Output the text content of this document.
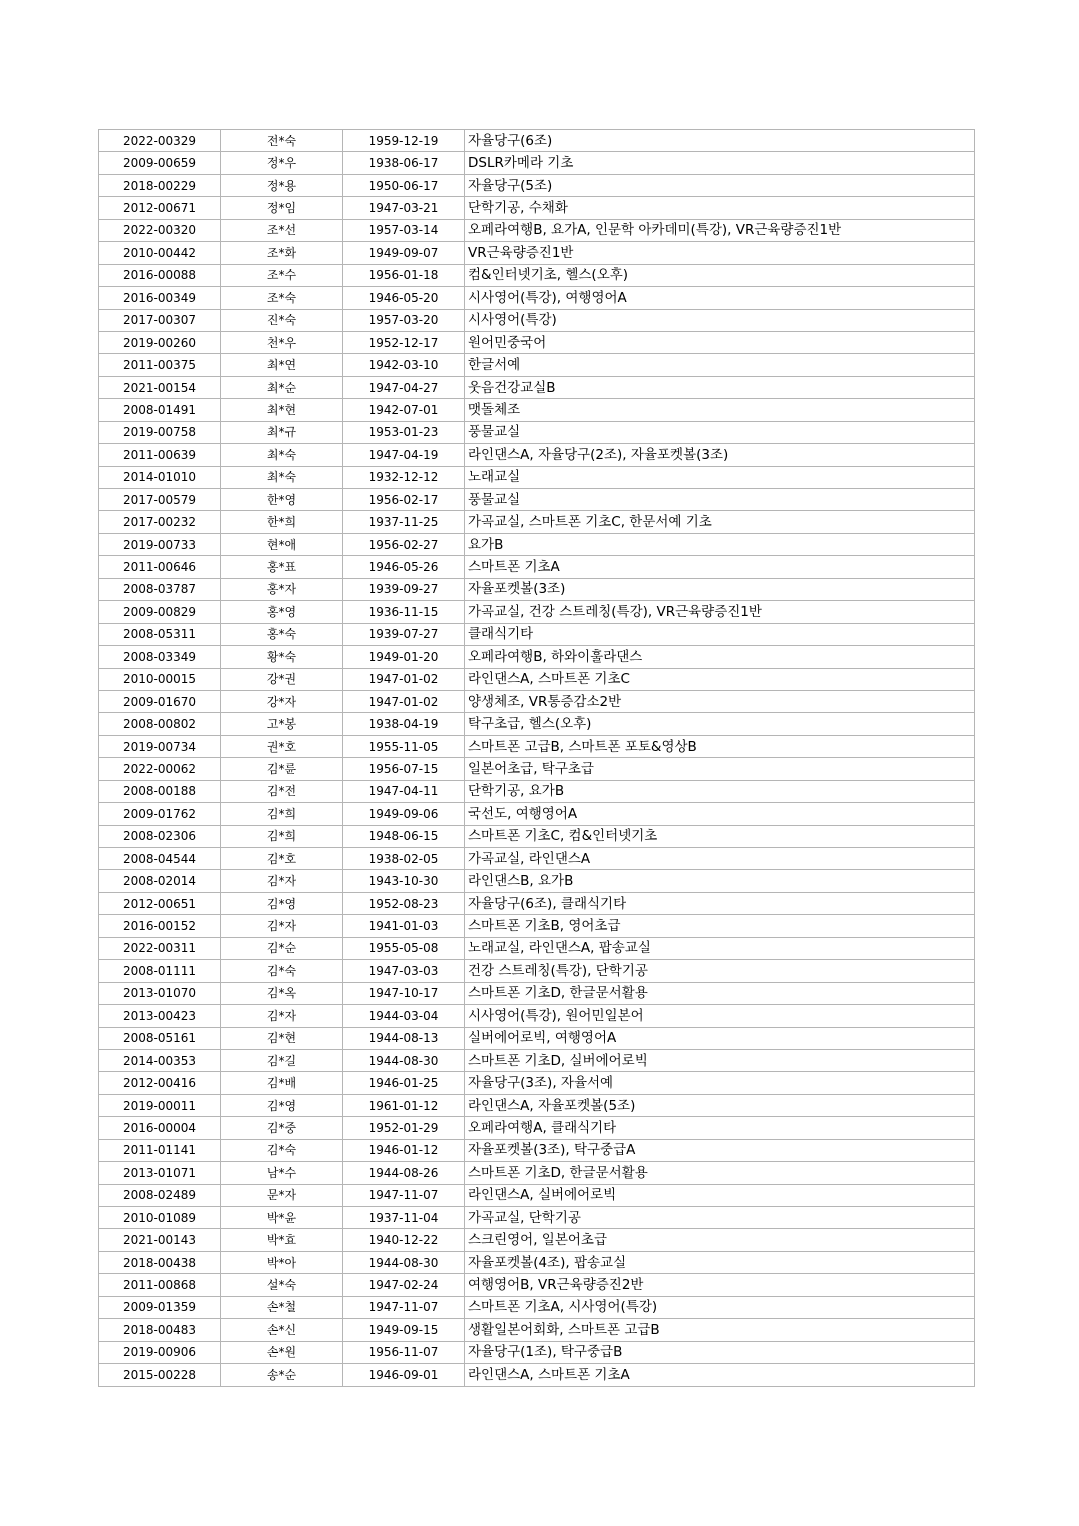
2022-00329	전*숙	1959-12-19	자율당구(6조)
2009-00659	정*우	1938-06-17	DSLR카메라 기초
2018-00229	정*용	1950-06-17	자율당구(5조)
2012-00671	정*임	1947-03-21	단학기공, 수채화
2022-00320	조*선	1957-03-14	오페라여행B, 요가A, 인문학 아카데미(특강), VR근육량증진1반
2010-00442	조*화	1949-09-07	VR근육량증진1반
2016-00088	조*수	1956-01-18	컴&인터넷기초, 헬스(오후)
2016-00349	조*숙	1946-05-20	시사영어(특강), 여행영어A
2017-00307	진*숙	1957-03-20	시사영어(특강)
2019-00260	천*우	1952-12-17	원어민중국어
2011-00375	최*연	1942-03-10	한글서예
2021-00154	최*순	1947-04-27	웃음건강교실B
2008-01491	최*현	1942-07-01	맷돌체조
2019-00758	최*규	1953-01-23	풍물교실
2011-00639	최*숙	1947-04-19	라인댄스A, 자율당구(2조), 자율포켓볼(3조)
2014-01010	최*숙	1932-12-12	노래교실
2017-00579	한*영	1956-02-17	풍물교실
2017-00232	한*희	1937-11-25	가곡교실, 스마트폰 기초C, 한문서예 기초
2019-00733	현*애	1956-02-27	요가B
2011-00646	홍*표	1946-05-26	스마트폰 기초A
2008-03787	홍*자	1939-09-27	자율포켓볼(3조)
2009-00829	홍*영	1936-11-15	가곡교실, 건강 스트레칭(특강), VR근육량증진1반
2008-05311	홍*숙	1939-07-27	클래식기타
2008-03349	황*숙	1949-01-20	오페라여행B, 하와이훌라댄스
2010-00015	강*권	1947-01-02	라인댄스A, 스마트폰 기초C
2009-01670	강*자	1947-01-02	양생체조, VR통증감소2반
2008-00802	고*봉	1938-04-19	탁구초급, 헬스(오후)
2019-00734	권*호	1955-11-05	스마트폰 고급B, 스마트폰 포토&영상B
2022-00062	김*륜	1956-07-15	일본어초급, 탁구초급
2008-00188	김*전	1947-04-11	단학기공, 요가B
2009-01762	김*희	1949-09-06	국선도, 여행영어A
2008-02306	김*희	1948-06-15	스마트폰 기초C, 컴&인터넷기초
2008-04544	김*호	1938-02-05	가곡교실, 라인댄스A
2008-02014	김*자	1943-10-30	라인댄스B, 요가B
2012-00651	김*영	1952-08-23	자율당구(6조), 클래식기타
2016-00152	김*자	1941-01-03	스마트폰 기초B, 영어초급
2022-00311	김*순	1955-05-08	노래교실, 라인댄스A, 팝송교실
2008-01111	김*숙	1947-03-03	건강 스트레칭(특강), 단학기공
2013-01070	김*옥	1947-10-17	스마트폰 기초D, 한글문서활용
2013-00423	김*자	1944-03-04	시사영어(특강), 원어민일본어
2008-05161	김*현	1944-08-13	실버에어로빅, 여행영어A
2014-00353	김*길	1944-08-30	스마트폰 기초D, 실버에어로빅
2012-00416	김*배	1946-01-25	자율당구(3조), 자율서예
2019-00011	김*영	1961-01-12	라인댄스A, 자율포켓볼(5조)
2016-00004	김*중	1952-01-29	오페라여행A, 클래식기타
2011-01141	김*숙	1946-01-12	자율포켓볼(3조), 탁구중급A
2013-01071	남*수	1944-08-26	스마트폰 기초D, 한글문서활용
2008-02489	문*자	1947-11-07	라인댄스A, 실버에어로빅
2010-01089	박*윤	1937-11-04	가곡교실, 단학기공
2021-00143	박*효	1940-12-22	스크린영어, 일본어초급
2018-00438	박*아	1944-08-30	자율포켓볼(4조), 팝송교실
2011-00868	설*숙	1947-02-24	여행영어B, VR근육량증진2반
2009-01359	손*철	1947-11-07	스마트폰 기초A, 시사영어(특강)
2018-00483	손*신	1949-09-15	생활일본어회화, 스마트폰 고급B
2019-00906	손*원	1956-11-07	자율당구(1조), 탁구중급B
2015-00228	송*순	1946-09-01	라인댄스A, 스마트폰 기초A
